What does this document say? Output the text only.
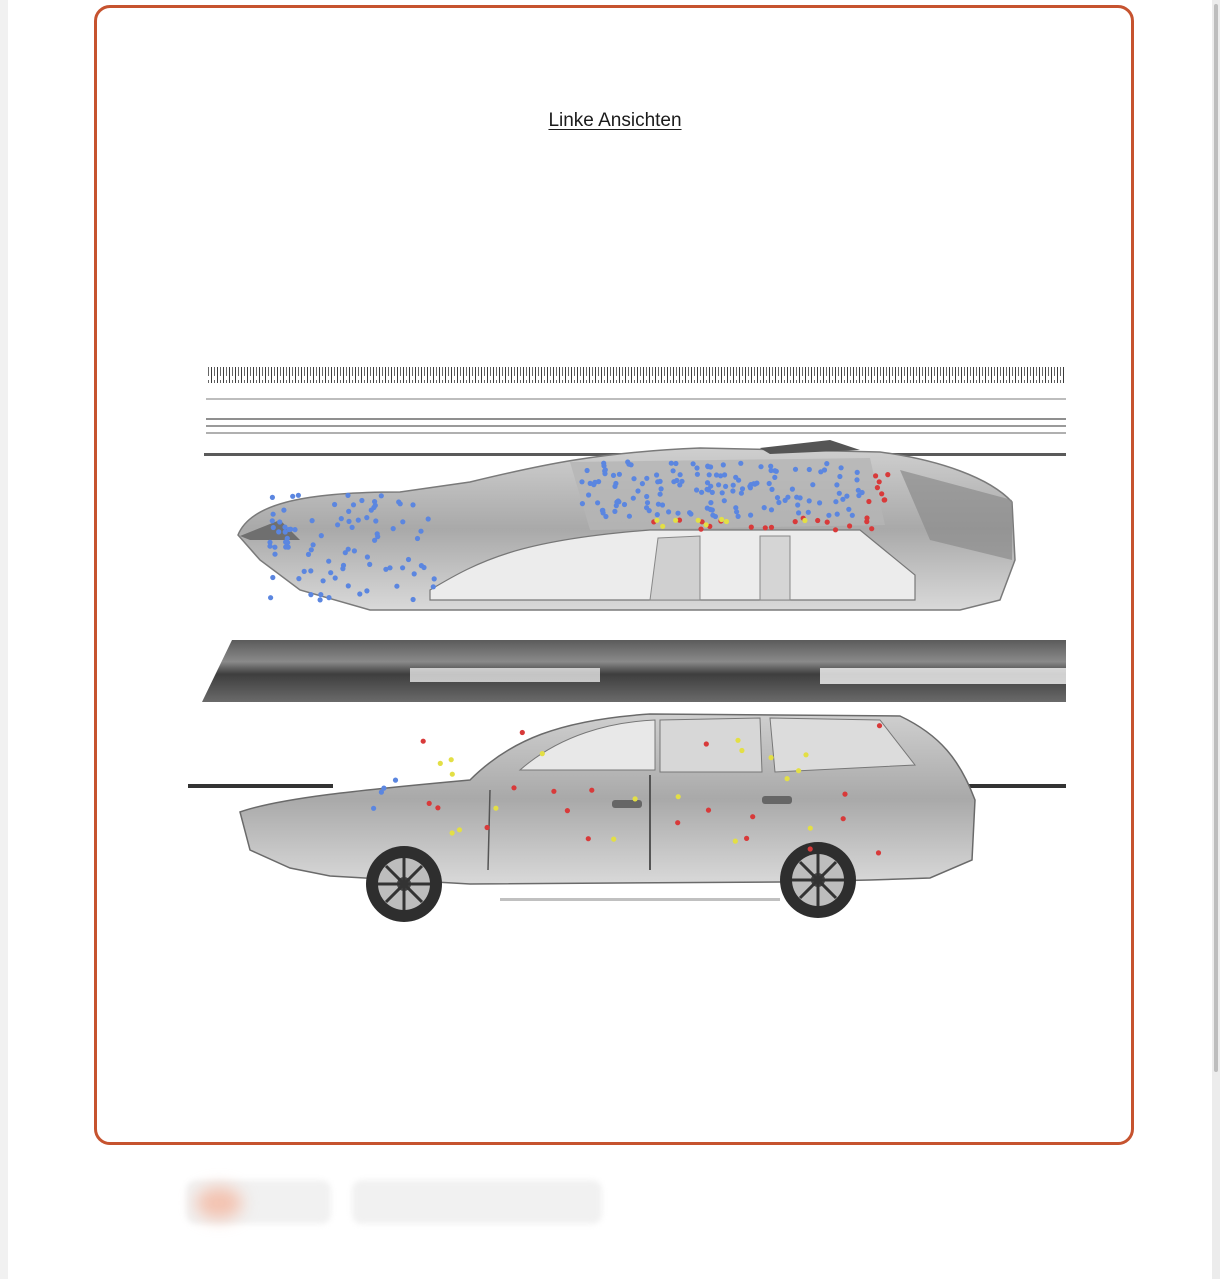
Linke Ansichten
